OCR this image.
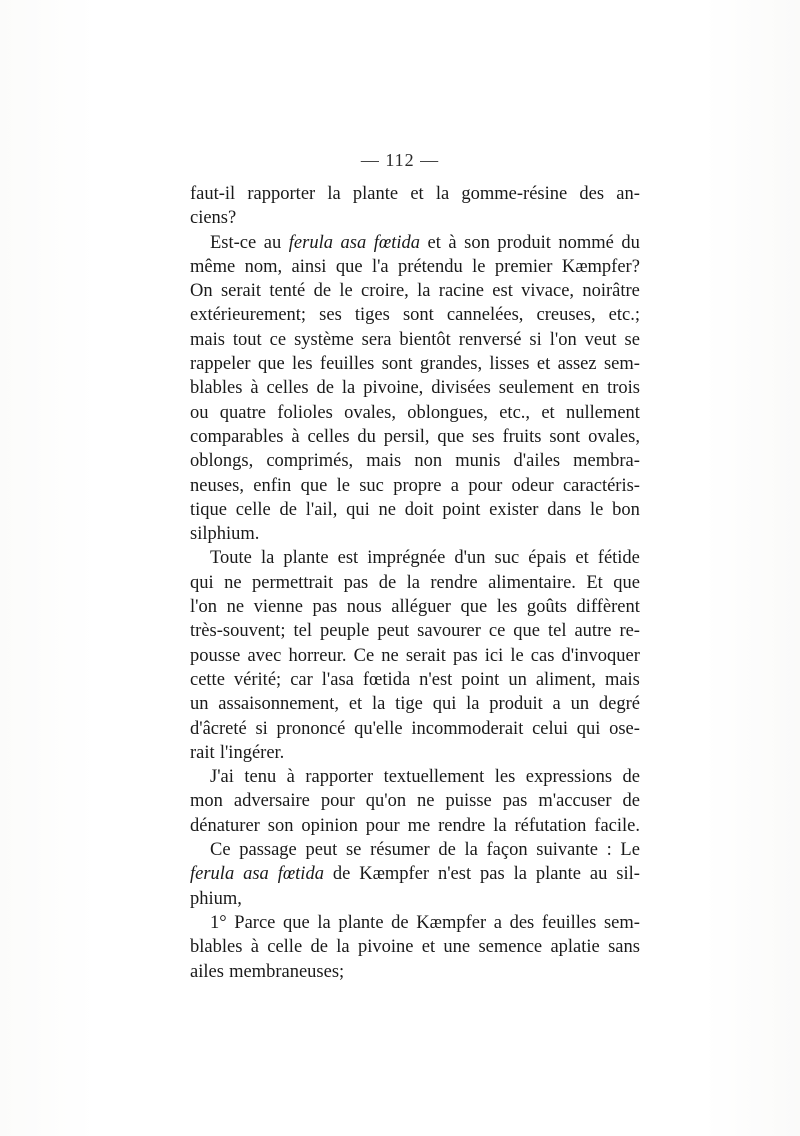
— 112 —
faut-il rapporter la plante et la gomme-résine des an-
ciens?
Est-ce au ferula asa fœtida et à son produit nommé du
même nom, ainsi que l'a prétendu le premier Kæmpfer?
On serait tenté de le croire, la racine est vivace, noirâtre
extérieurement; ses tiges sont cannelées, creuses, etc.;
mais tout ce système sera bientôt renversé si l'on veut se
rappeler que les feuilles sont grandes, lisses et assez sem-
blables à celles de la pivoine, divisées seulement en trois
ou quatre folioles ovales, oblongues, etc., et nullement
comparables à celles du persil, que ses fruits sont ovales,
oblongs, comprimés, mais non munis d'ailes membra-
neuses, enfin que le suc propre a pour odeur caractéris-
tique celle de l'ail, qui ne doit point exister dans le bon
silphium.
Toute la plante est imprégnée d'un suc épais et fétide
qui ne permettrait pas de la rendre alimentaire. Et que
l'on ne vienne pas nous alléguer que les goûts diffèrent
très-souvent; tel peuple peut savourer ce que tel autre re-
pousse avec horreur. Ce ne serait pas ici le cas d'invoquer
cette vérité; car l'asa fœtida n'est point un aliment, mais
un assaisonnement, et la tige qui la produit a un degré
d'âcreté si prononcé qu'elle incommoderait celui qui ose-
rait l'ingérer.
J'ai tenu à rapporter textuellement les expressions de
mon adversaire pour qu'on ne puisse pas m'accuser de
dénaturer son opinion pour me rendre la réfutation facile.
Ce passage peut se résumer de la façon suivante : Le
ferula asa fœtida de Kæmpfer n'est pas la plante au sil-
phium,
1° Parce que la plante de Kæmpfer a des feuilles sem-
blables à celle de la pivoine et une semence aplatie sans
ailes membraneuses;
